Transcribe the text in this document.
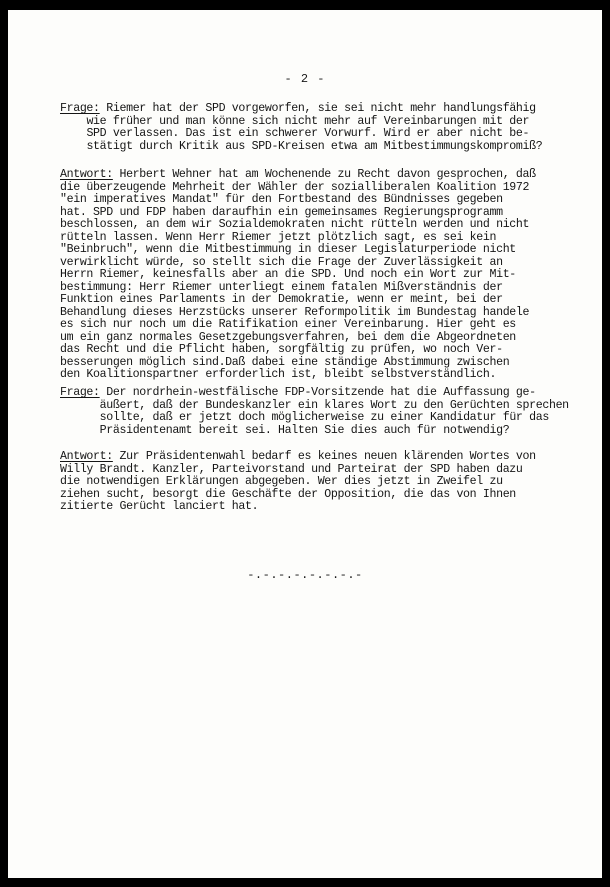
- 2 -
Frage: Riemer hat der SPD vorgeworfen, sie sei nicht mehr handlungsfähig
wie früher und man könne sich nicht mehr auf Vereinbarungen mit der
SPD verlassen. Das ist ein schwerer Vorwurf. Wird er aber nicht be-
stätigt durch Kritik aus SPD-Kreisen etwa am Mitbestimmungskompromiß?
Antwort: Herbert Wehner hat am Wochenende zu Recht davon gesprochen, daß
die überzeugende Mehrheit der Wähler der sozialliberalen Koalition 1972
"ein imperatives Mandat" für den Fortbestand des Bündnisses gegeben
hat. SPD und FDP haben daraufhin ein gemeinsames Regierungsprogramm
beschlossen, an dem wir Sozialdemokraten nicht rütteln werden und nicht
rütteln lassen. Wenn Herr Riemer jetzt plötzlich sagt, es sei kein
"Beinbruch", wenn die Mitbestimmung in dieser Legislaturperiode nicht
verwirklicht würde, so stellt sich die Frage der Zuverlässigkeit an
Herrn Riemer, keinesfalls aber an die SPD. Und noch ein Wort zur Mit-
bestimmung: Herr Riemer unterliegt einem fatalen Mißverständnis der
Funktion eines Parlaments in der Demokratie, wenn er meint, bei der
Behandlung dieses Herzstücks unserer Reformpolitik im Bundestag handele
es sich nur noch um die Ratifikation einer Vereinbarung. Hier geht es
um ein ganz normales Gesetzgebungsverfahren, bei dem die Abgeordneten
das Recht und die Pflicht haben, sorgfältig zu prüfen, wo noch Ver-
besserungen möglich sind.Daß dabei eine ständige Abstimmung zwischen
den Koalitionspartner erforderlich ist, bleibt selbstverständlich.
Frage: Der nordrhein-westfälische FDP-Vorsitzende hat die Auffassung ge-
äußert, daß der Bundeskanzler ein klares Wort zu den Gerüchten sprechen
sollte, daß er jetzt doch möglicherweise zu einer Kandidatur für das
Präsidentenamt bereit sei. Halten Sie dies auch für notwendig?
Antwort: Zur Präsidentenwahl bedarf es keines neuen klärenden Wortes von
Willy Brandt. Kanzler, Parteivorstand und Parteirat der SPD haben dazu
die notwendigen Erklärungen abgegeben. Wer dies jetzt in Zweifel zu
ziehen sucht, besorgt die Geschäfte der Opposition, die das von Ihnen
zitierte Gerücht lanciert hat.
-.-.-.-.-.-.-.-
